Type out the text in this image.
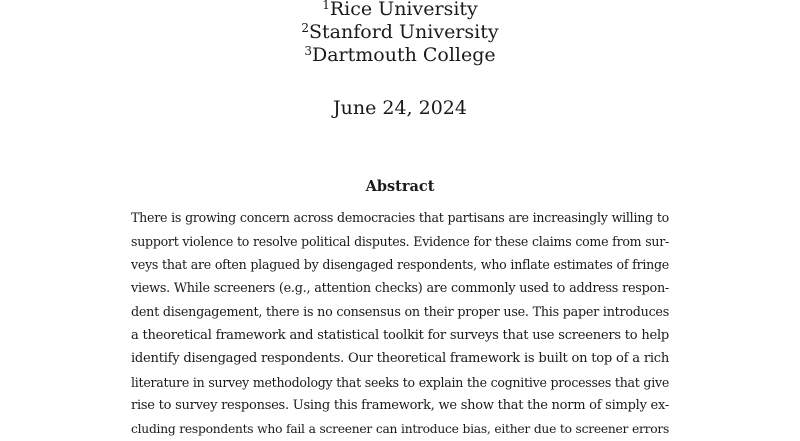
$^1$Rice University
$^2$Stanford University
$^3$Dartmouth College
June 24, 2024
Abstract
There is growing concern across democracies that partisans are increasingly willing to
support violence to resolve political disputes. Evidence for these claims come from sur-
veys that are often plagued by disengaged respondents, who inflate estimates of fringe
views. While screeners (e.g., attention checks) are commonly used to address respon-
dent disengagement, there is no consensus on their proper use. This paper introduces
a theoretical framework and statistical toolkit for surveys that use screeners to help
identify disengaged respondents. Our theoretical framework is built on top of a rich
literature in survey methodology that seeks to explain the cognitive processes that give
rise to survey responses. Using this framework, we show that the norm of simply ex-
cluding respondents who fail a screener can introduce bias, either due to screener errors
